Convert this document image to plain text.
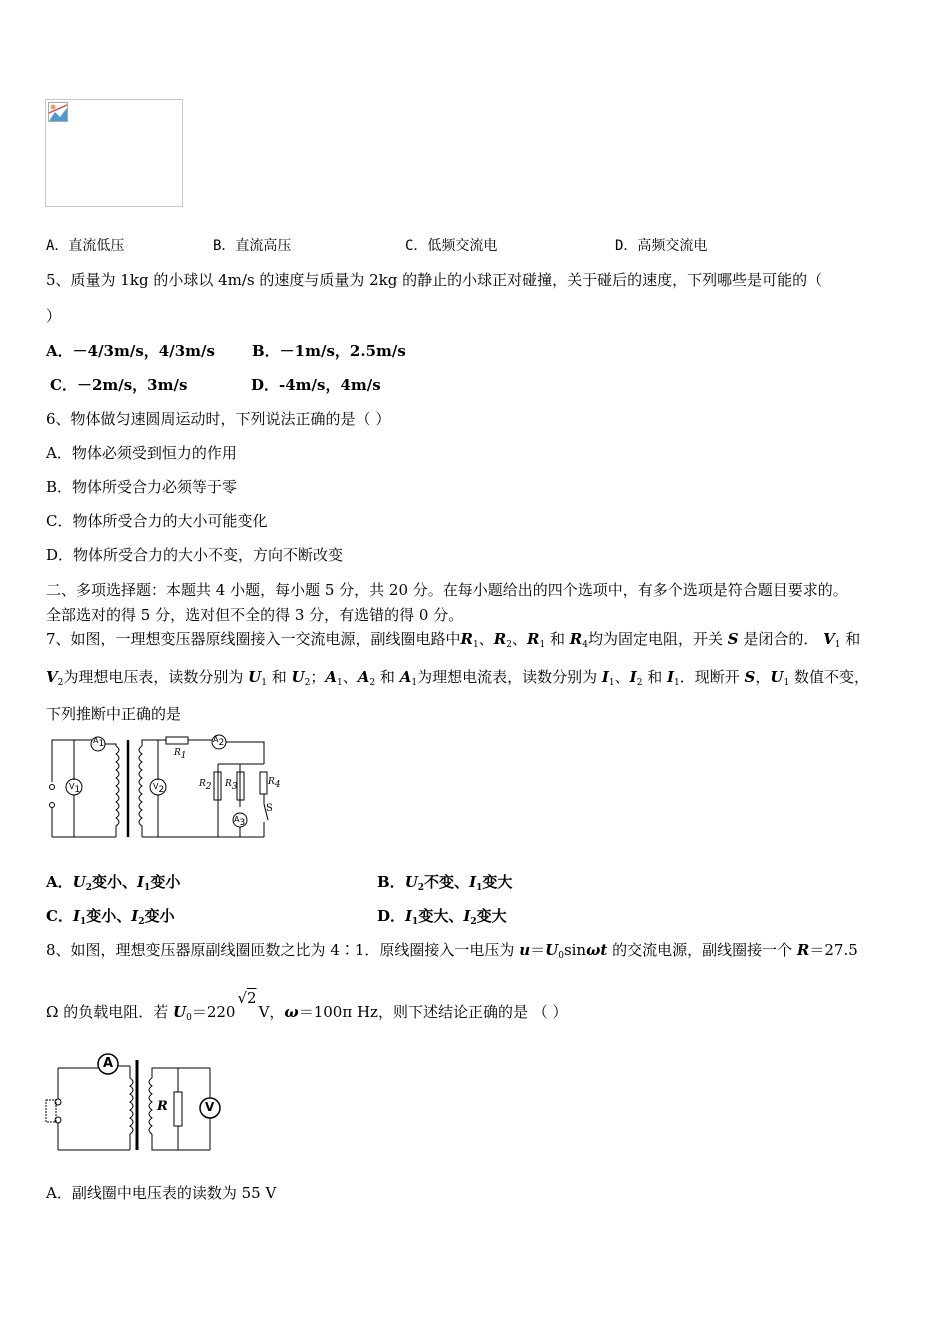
A．直流低压	B．直流高压	C．低频交流电	D．高频交流电
5、质量为 1kg 的小球以 4m/s 的速度与质量为 2kg 的静止的小球正对碰撞，关于碰后的速度，下列哪些是可能的（
）
A．－4/3m/s，4/3m/s B．－1m/s，2.5m/s
C．－2m/s，3m/s	D．-4m/s，4m/s
6、物体做匀速圆周运动时，下列说法正确的是（ ）
A．物体必须受到恒力的作用
B．物体所受合力必须等于零
C．物体所受合力的大小可能变化
D．物体所受合力的大小不变，方向不断改变
二、多项选择题：本题共 4 小题，每小题 5 分，共 20 分。在每小题给出的四个选项中，有多个选项是符合题目要求的。
全部选对的得 5 分，选对但不全的得 3 分，有选错的得 0 分。
7、如图，一理想变压器原线圈接入一交流电源，副线圈电路中$R_1$、$R_2$、$R_1$ 和 $R_4$均为固定电阻，开关 S 是闭合的． $V_1$ 和
$V_2$为理想电压表，读数分别为 $U_1$ 和 $U_2$；$A_1$、$A_2$ 和 $A_1$为理想电流表，读数分别为 $I_1$、$I_2$ 和 $I_1$．现断开 S，$U_1$ 数值不变，
下列推断中正确的是
$A_1$
$V_1$	$V_2$
$A_2$
$A_3$
$R_1$
$R_2$ $R_3$	$R_4$
S
A．$U_2$变小、$I_1$变小	B．$U_2$不变、$I_1$变大
C．$I_1$变小、$I_2$变小	D．$I_1$变大、$I_2$变大
8、如图，理想变压器原副线圈匝数之比为 4∶1．原线圈接入一电压为 $u=U_0\sin\omega t$ 的交流电源，副线圈接一个 R＝27.5
Ω 的负载电阻．若 $U_0=220√2V$，ω＝100π Hz，则下述结论正确的是 （ ）
A
R	V
A．副线圈中电压表的读数为 55 V
